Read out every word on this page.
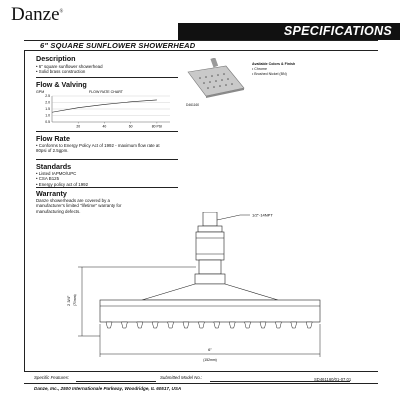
Danze®
SPECIFICATIONS
6" SQUARE SUNFLOWER SHOWERHEAD
Description
• 6" square sunflower showerhead
• Solid brass construction
Flow & Valving
GPM	FLOW RATE CHART
0.5
1.0
1.5
2.0
2.5
20	40	60	80 PSI
Flow Rate
• Conforms to Energy Policy Act of 1992 - maximum flow rate at 80psi of 2.5gpm.
Standards
• Listed IAPMO/UPC
• CSA B125
• Energy policy act of 1992
Warranty
Danze showerheads are covered by a manufacturer's limited "lifetime" warranty for manufacturing defects.
D461160
Available Colors & Finish
• Chrome
• Brushed Nickel (BN)
1/2"-14NPT
2 3/4" (70mm)
6"
(152mm)
Specific Features:	Submitted Model No.:
Danze, Inc., 2500 Internationale Parkway, Woodridge, IL 60517, USA
SD461160/01-07.01
